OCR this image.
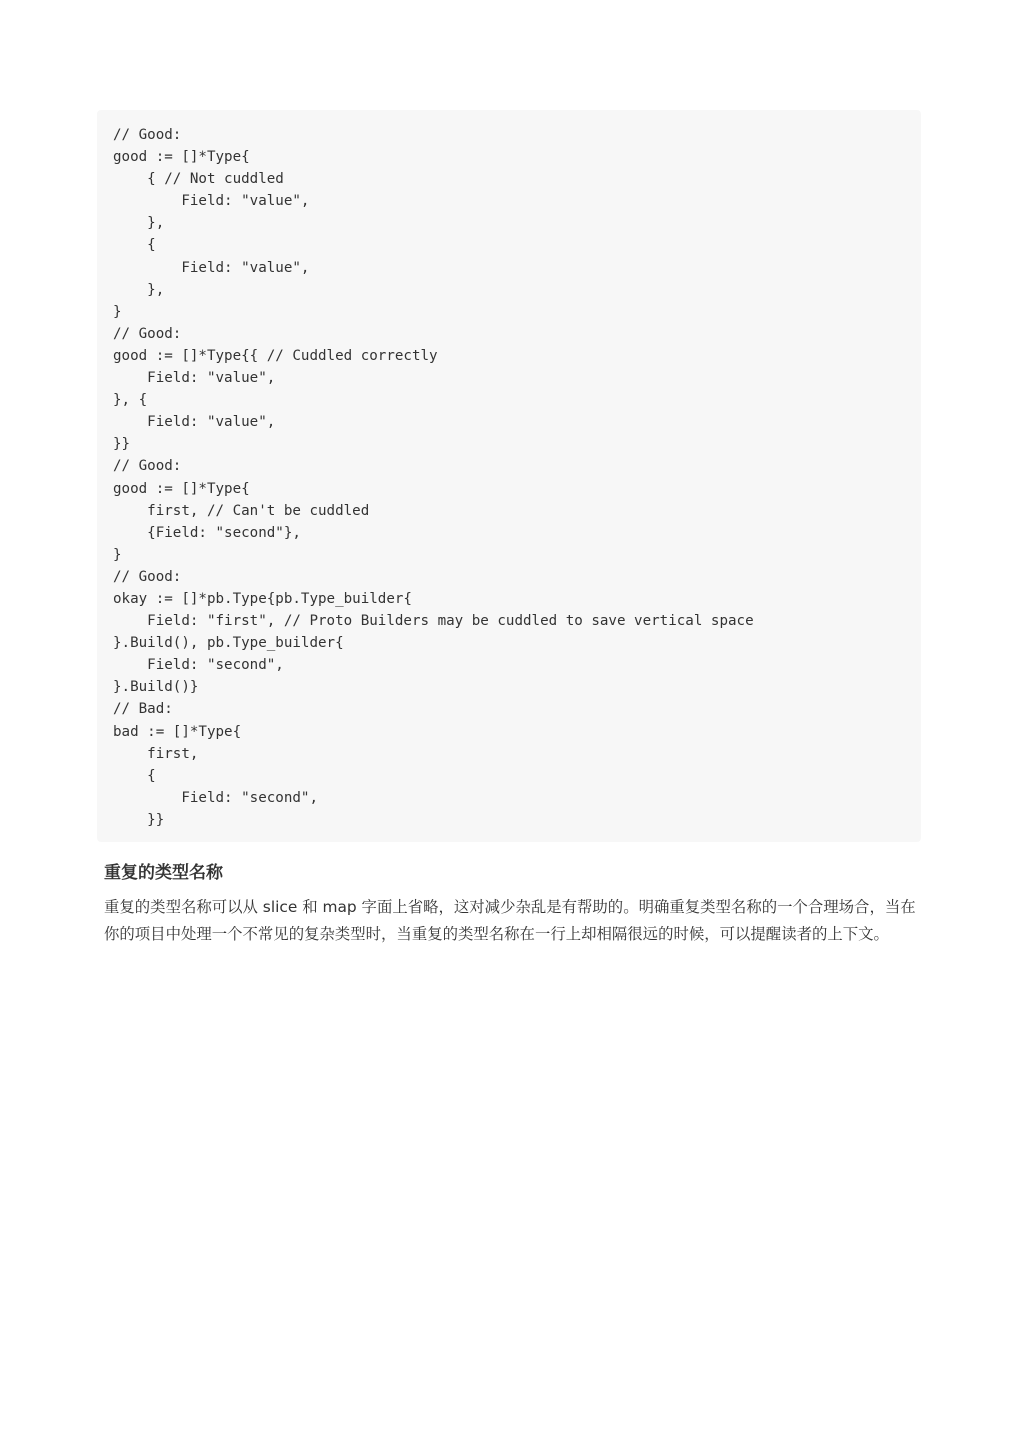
// Good:
good := []*Type{
{ // Not cuddled
Field: "value",
},
{
Field: "value",
},
}
// Good:
good := []*Type{{ // Cuddled correctly
Field: "value",
}, {
Field: "value",
}}
// Good:
good := []*Type{
first, // Can't be cuddled
{Field: "second"},
}
// Good:
okay := []*pb.Type{pb.Type_builder{
Field: "first", // Proto Builders may be cuddled to save vertical space
}.Build(), pb.Type_builder{
Field: "second",
}.Build()}
// Bad:
bad := []*Type{
first,
{
Field: "second",
}}
重复的类型名称

重复的类型名称可以从 slice 和 map 字面上省略，这对减少杂乱是有帮助的。明确重复类型名称的一个合理场合，当在你的项目中处理一个不常见的复杂类型时，当重复的类型名称在一行上却相隔很远的时候，可以提醒读者的上下文。
